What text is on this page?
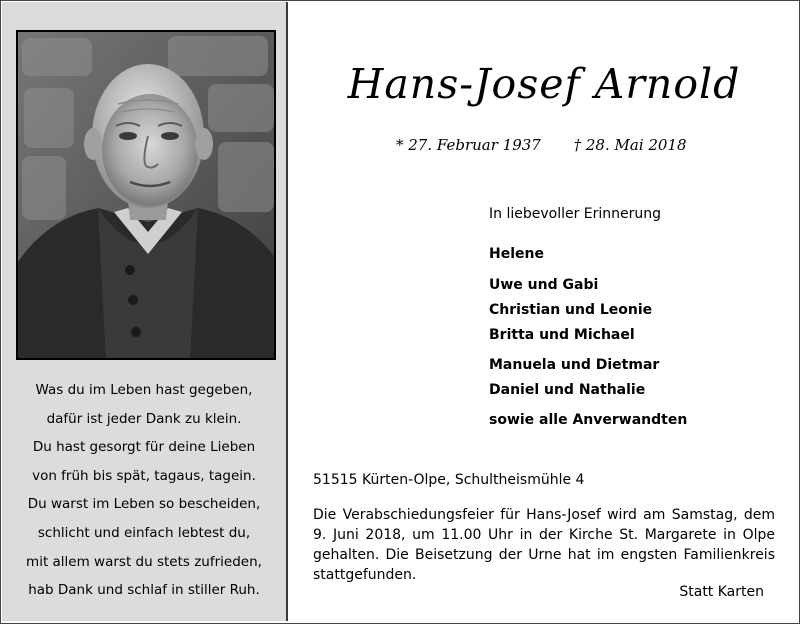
Was du im Leben hast gegeben,
dafür ist jeder Dank zu klein.
Du hast gesorgt für deine Lieben
von früh bis spät, tagaus, tagein.
Du warst im Leben so bescheiden,
schlicht und einfach lebtest du,
mit allem warst du stets zufrieden,
hab Dank und schlaf in stiller Ruh.
Hans-Josef Arnold
* 27. Februar 1937 † 28. Mai 2018
In liebevoller Erinnerung
Helene
Uwe und Gabi
Christian und Leonie
Britta und Michael
Manuela und Dietmar
Daniel und Nathalie
sowie alle Anverwandten
51515 Kürten-Olpe, Schultheismühle 4
Die Verabschiedungsfeier für Hans-Josef wird am Samstag, dem
9. Juni 2018, um 11.00 Uhr in der Kirche St. Margarete in Olpe
gehalten. Die Beisetzung der Urne hat im engsten Familienkreis
stattgefunden.
Statt Karten
